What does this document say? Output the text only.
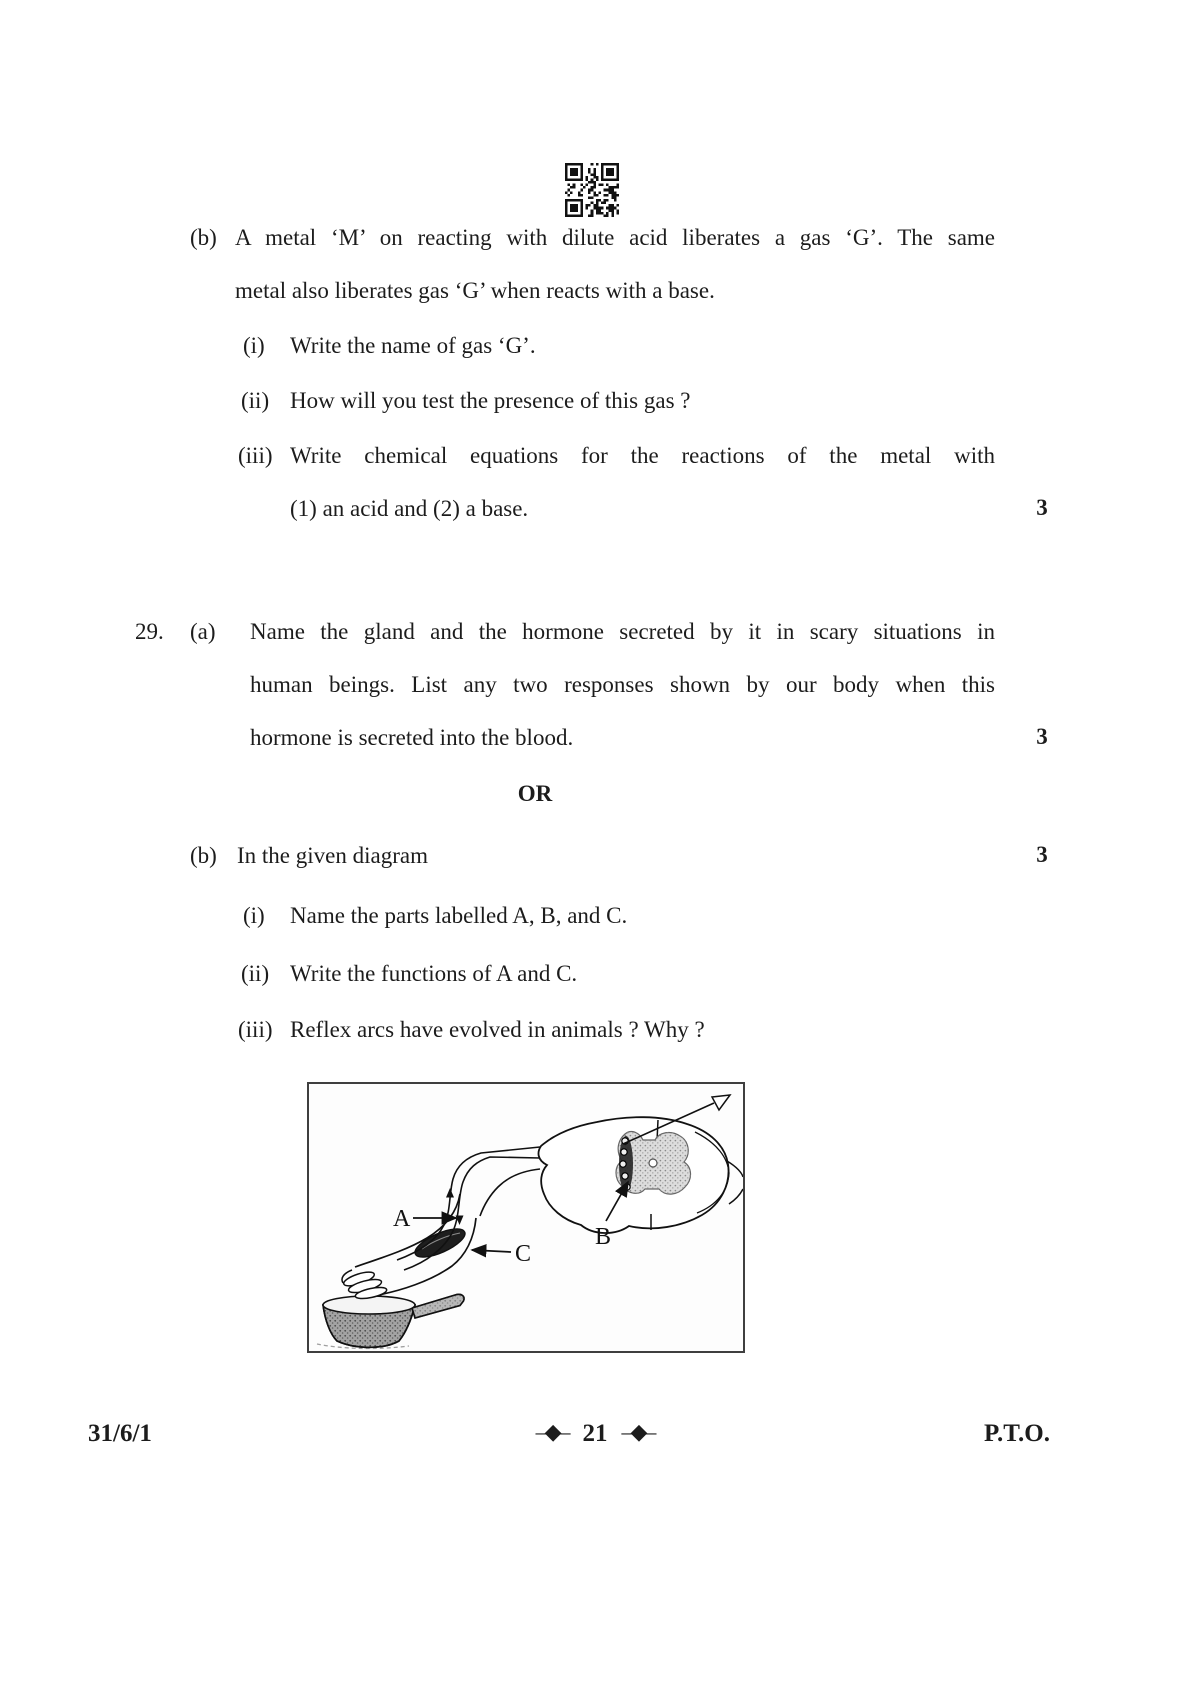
(b) A metal ‘M’ on reacting with dilute acid liberates a gas ‘G’. The same
metal also liberates gas ‘G’ when reacts with a base.
(i) Write the name of gas ‘G’.
(ii) How will you test the presence of this gas ?
(iii) Write chemical equations for the reactions of the metal with
(1) an acid and (2) a base.	3
29. (a) Name the gland and the hormone secreted by it in scary situations in
human beings. List any two responses shown by our body when this
hormone is secreted into the blood.	3
OR
(b) In the given diagram	3
(i) Name the parts labelled A, B, and C.
(ii) Write the functions of A and C.
(iii) Reflex arcs have evolved in animals ? Why ?
A
B
C
31/6/1	–◆– 21 –◆–	P.T.O.
